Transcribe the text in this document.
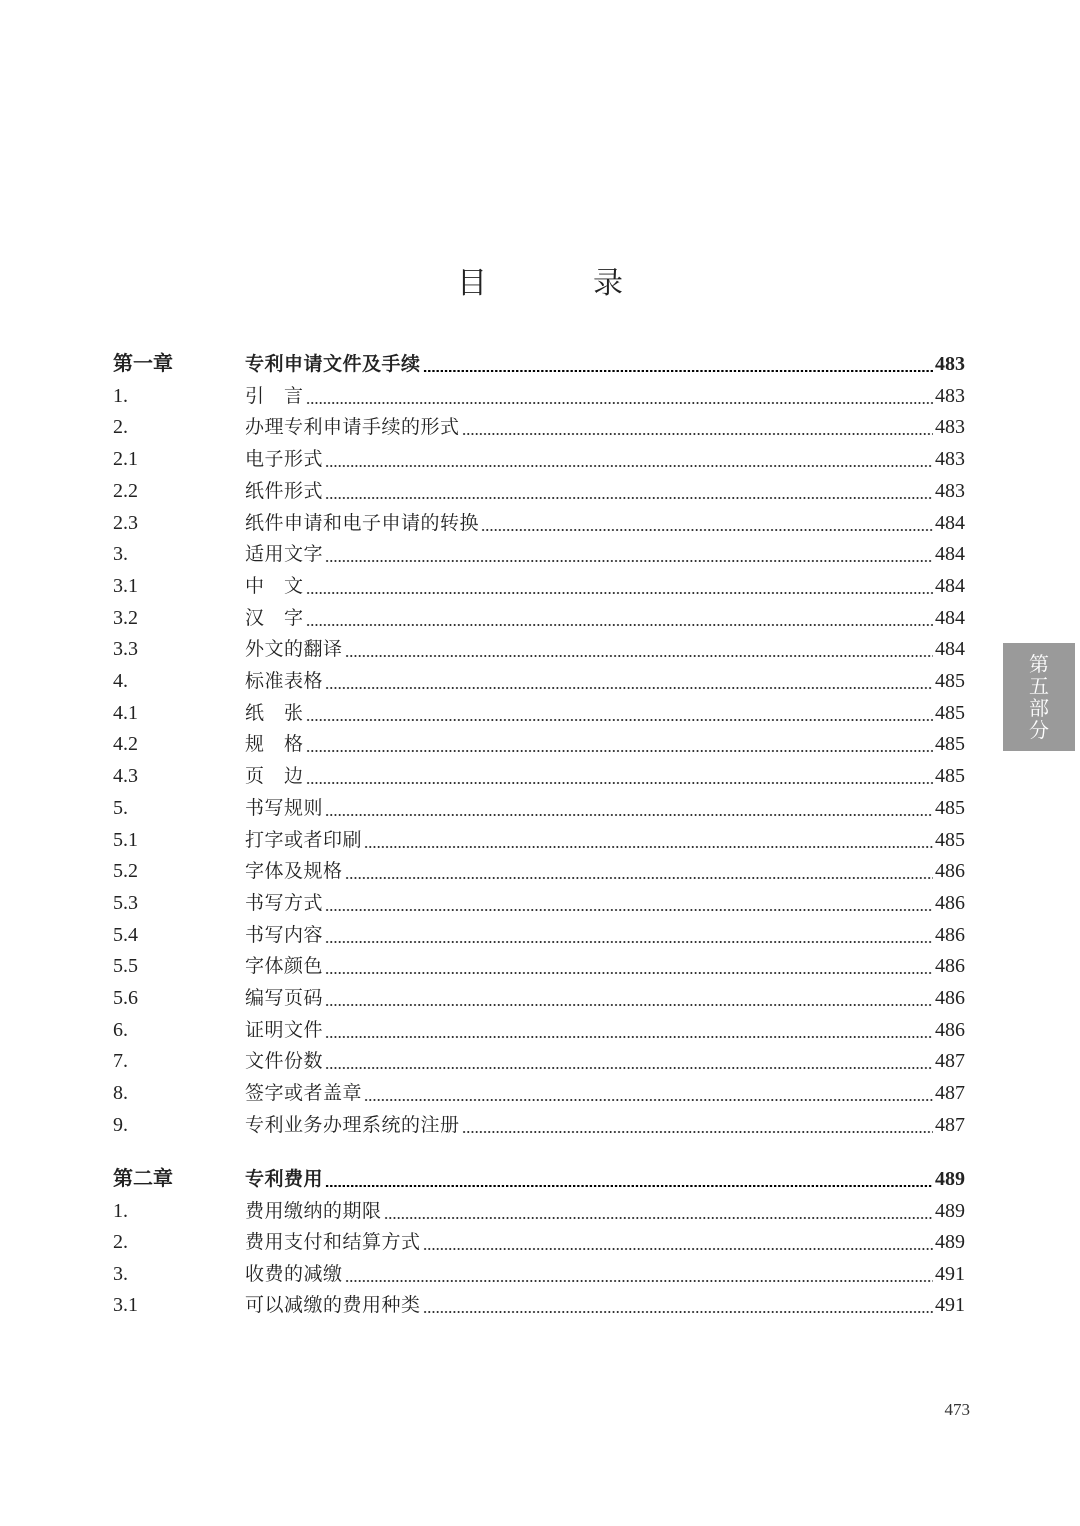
目　录
第一章	专利申请文件及手续	483
1.	引　言	483
2.	办理专利申请手续的形式	483
2.1	电子形式	483
2.2	纸件形式	483
2.3	纸件申请和电子申请的转换	484
3.	适用文字	484
3.1	中　文	484
3.2	汉　字	484
3.3	外文的翻译	484
4.	标准表格	485
4.1	纸　张	485
4.2	规　格	485
4.3	页　边	485
5.	书写规则	485
5.1	打字或者印刷	485
5.2	字体及规格	486
5.3	书写方式	486
5.4	书写内容	486
5.5	字体颜色	486
5.6	编写页码	486
6.	证明文件	486
7.	文件份数	487
8.	签字或者盖章	487
9.	专利业务办理系统的注册	487
第二章	专利费用	489
1.	费用缴纳的期限	489
2.	费用支付和结算方式	489
3.	收费的减缴	491
3.1	可以减缴的费用种类	491
第
五
部
分
473
